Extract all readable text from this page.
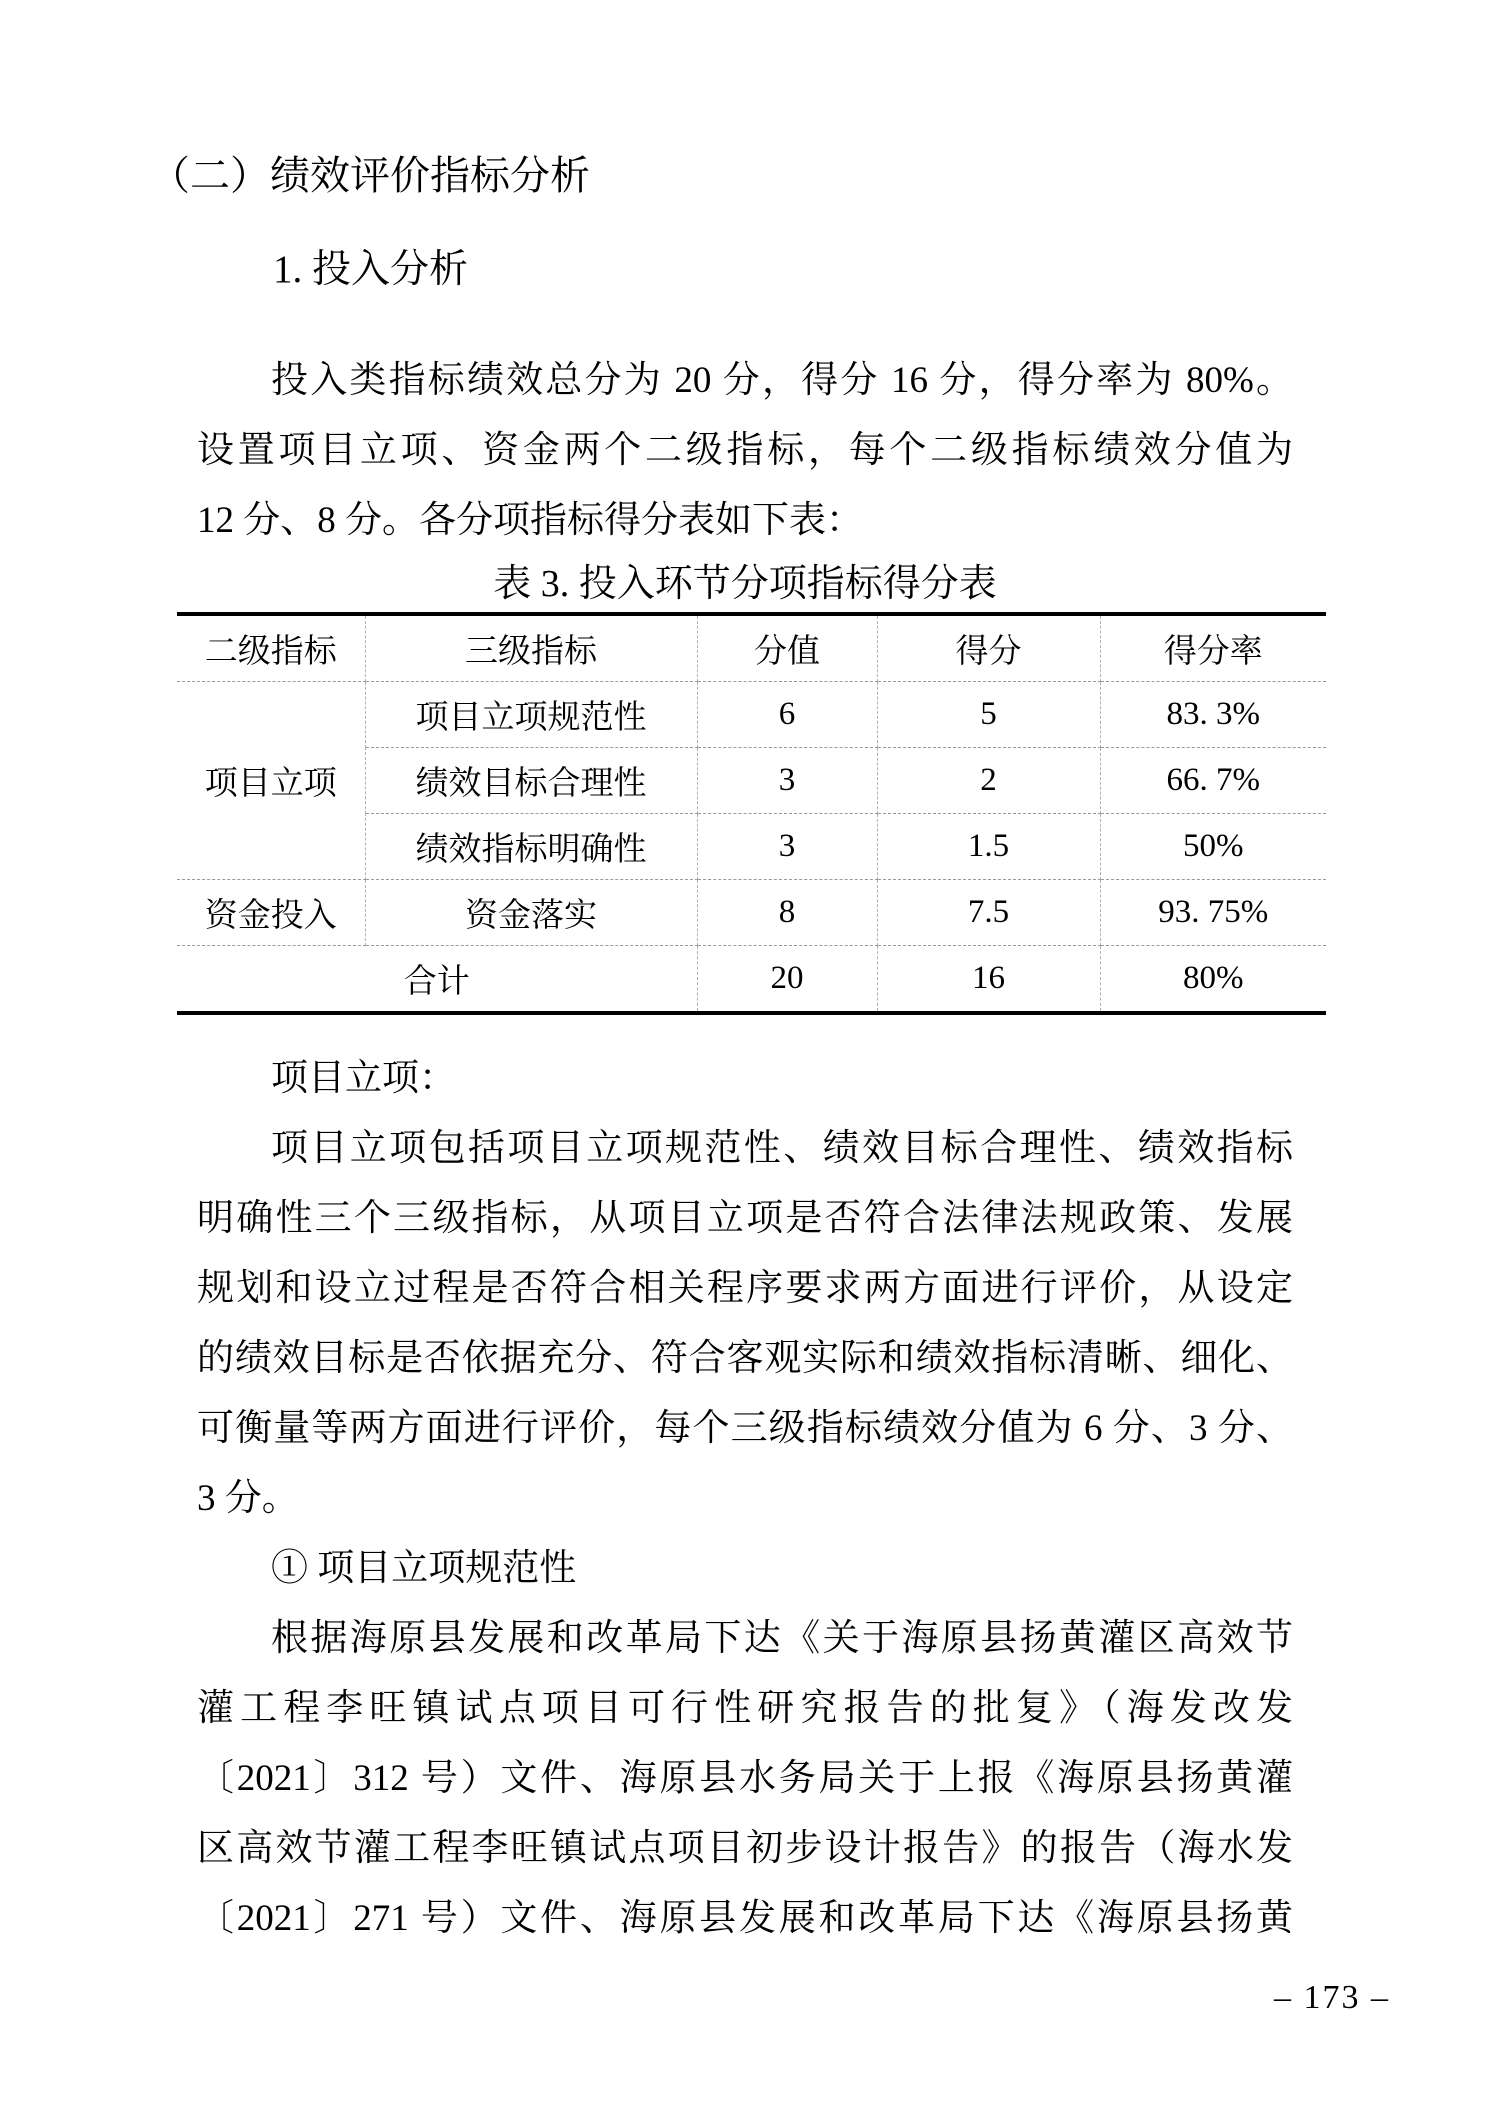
（二）绩效评价指标分析
1. 投入分析
投入类指标绩效总分为 20 分，得分 16 分，得分率为 80%。
设置项目立项、资金两个二级指标，每个二级指标绩效分值为
12 分、8 分。各分项指标得分表如下表：
表 3. 投入环节分项指标得分表
二级指标	三级指标	分值	得分	得分率
项目立项	项目立项规范性	6	5	83. 3%
	绩效目标合理性	3	2	66. 7%
	绩效指标明确性	3	1.5	50%
资金投入	资金落实	8	7.5	93. 75%
合计		20	16	80%
项目立项：
项目立项包括项目立项规范性、绩效目标合理性、绩效指标
明确性三个三级指标，从项目立项是否符合法律法规政策、发展
规划和设立过程是否符合相关程序要求两方面进行评价，从设定
的绩效目标是否依据充分、符合客观实际和绩效指标清晰、细化、
可衡量等两方面进行评价，每个三级指标绩效分值为 6 分、3 分、
3 分。
① 项目立项规范性
根据海原县发展和改革局下达《关于海原县扬黄灌区高效节
灌工程李旺镇试点项目可行性研究报告的批复》（海发改发
〔2021〕312 号）文件、海原县水务局关于上报《海原县扬黄灌
区高效节灌工程李旺镇试点项目初步设计报告》的报告（海水发
〔2021〕271 号）文件、海原县发展和改革局下达《海原县扬黄
– 173 –
